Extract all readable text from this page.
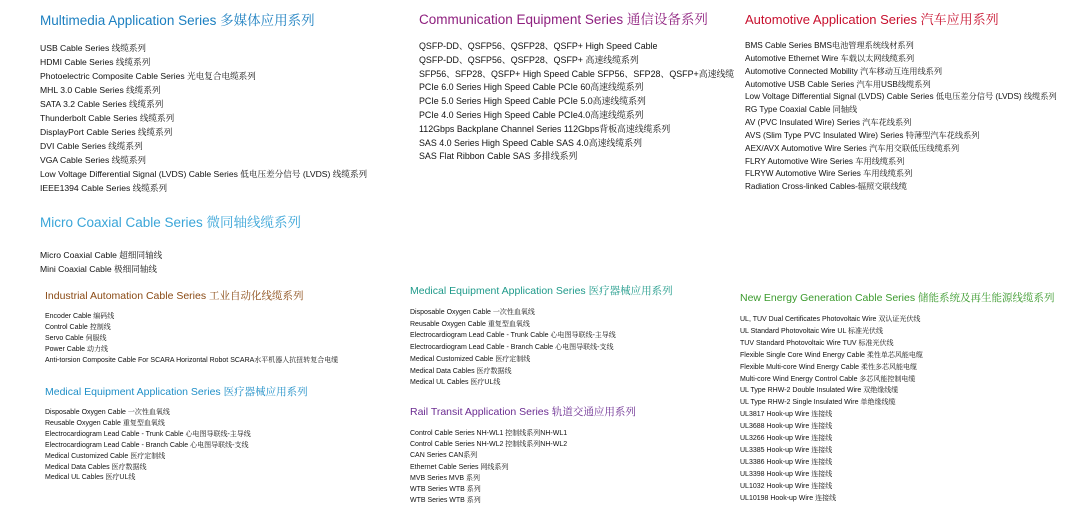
Multimedia Application Series 多媒体应用系列
USB Cable Series 线缆系列
HDMI Cable Series 线缆系列
Photoelectric Composite Cable Series 光电复合电缆系列
MHL 3.0 Cable Series 线缆系列
SATA 3.2 Cable Series 线缆系列
Thunderbolt Cable Series 线缆系列
DisplayPort Cable Series 线缆系列
DVI Cable Series 线缆系列
VGA Cable Series 线缆系列
Low Voltage Differential Signal (LVDS) Cable Series 低电压差分信号 (LVDS) 线缆系列
IEEE1394 Cable Series 线缆系列
Communication Equipment Series 通信设备系列
QSFP-DD、QSFP56、QSFP28、QSFP+ High Speed Cable
QSFP-DD、QSFP56、QSFP28、QSFP+ 高速线缆系列
SFP56、SFP28、QSFP+ High Speed Cable SFP56、SFP28、QSFP+高速线缆
PCIe 6.0 Series High Speed Cable PCIe 60高速线缆系列
PCIe 5.0 Series High Speed Cable PCIe 5.0高速线缆系列
PCIe 4.0 Series High Speed Cable PCIe4.0高速线缆系列
112Gbps Backplane Channel Series 112Gbps背板高速线缆系列
SAS 4.0 Series High Speed Cable SAS 4.0高速线缆系列
SAS Flat Ribbon Cable SAS 多排线系列
Automotive Application Series 汽车应用系列
BMS Cable Series BMS电池管理系统线材系列
Automotive Ethernet Wire 车载以太网线缆系列
Automotive Connected Mobility 汽车移动互连用线系列
Automotive USB Cable Series 汽车用USB线缆系列
Low Voltage Differential Signal (LVDS) Cable Series 低电压差分信号 (LVDS) 线缆系列
RG Type Coaxial Cable 同轴线
AV (PVC Insulated Wire) Series 汽车花线系列
AVS (Slim Type PVC Insulated Wire) Series 特薄型汽车花线系列
AEX/AVX Automotive Wire Series 汽车用交联低压线缆系列
FLRY Automotive Wire Series 车用线缆系列
FLRYW Automotive Wire Series 车用线缆系列
Radiation Cross-linked Cables-辐照交联线缆
Micro Coaxial Cable Series 微同轴线缆系列
Micro Coaxial Cable 超细同轴线
Mini Coaxial Cable 极细同轴线
Industrial Automation Cable Series 工业自动化线缆系列
Encoder Cable 编码线
Control Cable 控制线
Servo Cable 伺服线
Power Cable 动力线
Anti-torsion Composite Cable For SCARA Horizontal Robot SCARA水平机器人抗扭转复合电缆
Medical Equipment Application Series 医疗器械应用系列
Disposable Oxygen Cable 一次性血氧线
Reusable Oxygen Cable 重复型血氧线
Electrocardiogram Lead Cable - Trunk Cable 心电图导联线-主导线
Electrocardiogram Lead Cable - Branch Cable 心电图导联线-支线
Medical Customized Cable 医疗定制线
Medical Data Cables 医疗数据线
Medical UL Cables 医疗UL线
Medical Equipment Application Series 医疗器械应用系列
Disposable Oxygen Cable 一次性血氧线
Reusable Oxygen Cable 重复型血氧线
Electrocardiogram Lead Cable - Trunk Cable 心电图导联线-主导线
Electrocardiogram Lead Cable - Branch Cable 心电图导联线-支线
Medical Customized Cable 医疗定制线
Medical Data Cables 医疗数据线
Medical UL Cables 医疗UL线
Rail Transit Application Series 轨道交通应用系列
Control Cable Series NH-WL1 控制线系列NH-WL1
Control Cable Series NH-WL2 控制线系列NH-WL2
CAN Series CAN系列
Ethernet Cable Series 网线系列
MVB Series MVB 系列
WTB Series WTB 系列
WTB Series WTB 系列
New Energy Generation Cable Series 储能系统及再生能源线缆系列
UL, TUV Dual Certificates Photovoltaic Wire 双认证光伏线
UL Standard Photovoltaic Wire UL 标准光伏线
TUV Standard Photovoltaic Wire TUV 标准光伏线
Flexible Single Core Wind Energy Cable 柔性单芯风能电缆
Flexible Multi-core Wind Energy Cable 柔性多芯风能电缆
Multi-core Wind Energy Control Cable 多芯风能控制电缆
UL Type RHW-2 Double Insulated Wire 双绝缘线缆
UL Type RHW-2 Single Insulated Wire 单绝缘线缆
UL3817 Hook-up Wire 连接线
UL3688 Hook-up Wire 连接线
UL3266 Hook-up Wire 连接线
UL3385 Hook-up Wire 连接线
UL3386 Hook-up Wire 连接线
UL3398 Hook-up Wire 连接线
UL1032 Hook-up Wire 连接线
UL10198 Hook-up Wire 连接线
